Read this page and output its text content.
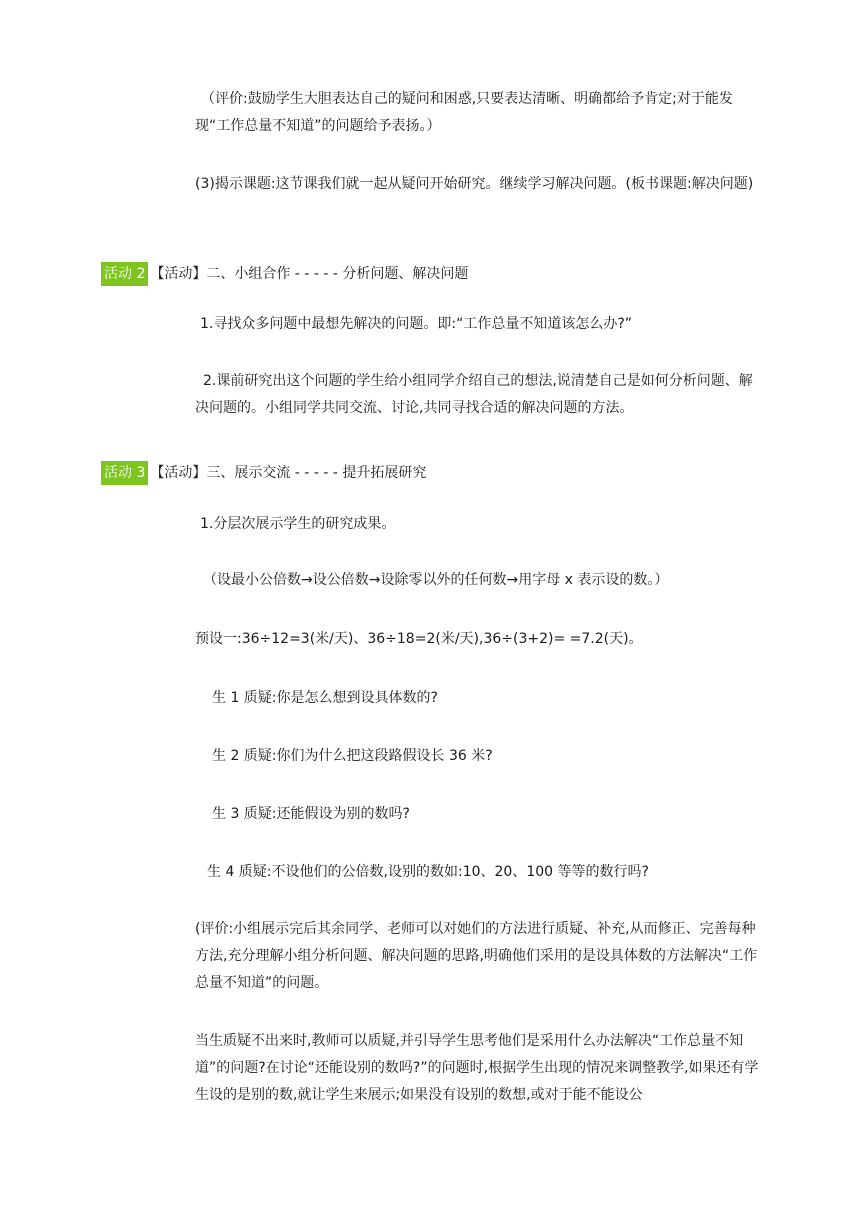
（评价:鼓励学生大胆表达自己的疑问和困惑,只要表达清晰、明确都给予肯定;对于能发现“工作总量不知道”的问题给予表扬。）

(3)揭示课题:这节课我们就一起从疑问开始研究。继续学习解决问题。(板书课题:解决问题)

活动 2 【活动】二、小组合作 - - - - - 分析问题、解决问题

1.寻找众多问题中最想先解决的问题。即:“工作总量不知道该怎么办?”

2.课前研究出这个问题的学生给小组同学介绍自己的想法,说清楚自己是如何分析问题、解决问题的。小组同学共同交流、讨论,共同寻找合适的解决问题的方法。

活动 3 【活动】三、展示交流 - - - - - 提升拓展研究

1.分层次展示学生的研究成果。

（设最小公倍数→设公倍数→设除零以外的任何数→用字母 x 表示设的数。）

预设一:36÷12=3(米/天)、36÷18=2(米/天),36÷(3+2)= =7.2(天)。

生 1 质疑:你是怎么想到设具体数的?

生 2 质疑:你们为什么把这段路假设长 36 米?

生 3 质疑:还能假设为别的数吗?

生 4 质疑:不设他们的公倍数,设别的数如:10、20、100 等等的数行吗?

(评价:小组展示完后其余同学、老师可以对她们的方法进行质疑、补充,从而修正、完善每种方法,充分理解小组分析问题、解决问题的思路,明确他们采用的是设具体数的方法解决“工作总量不知道”的问题。

当生质疑不出来时,教师可以质疑,并引导学生思考他们是采用什么办法解决“工作总量不知道”的问题?在讨论“还能设别的数吗?”的问题时,根据学生出现的情况来调整教学,如果还有学生设的是别的数,就让学生来展示;如果没有设别的数想,或对于能不能设公
